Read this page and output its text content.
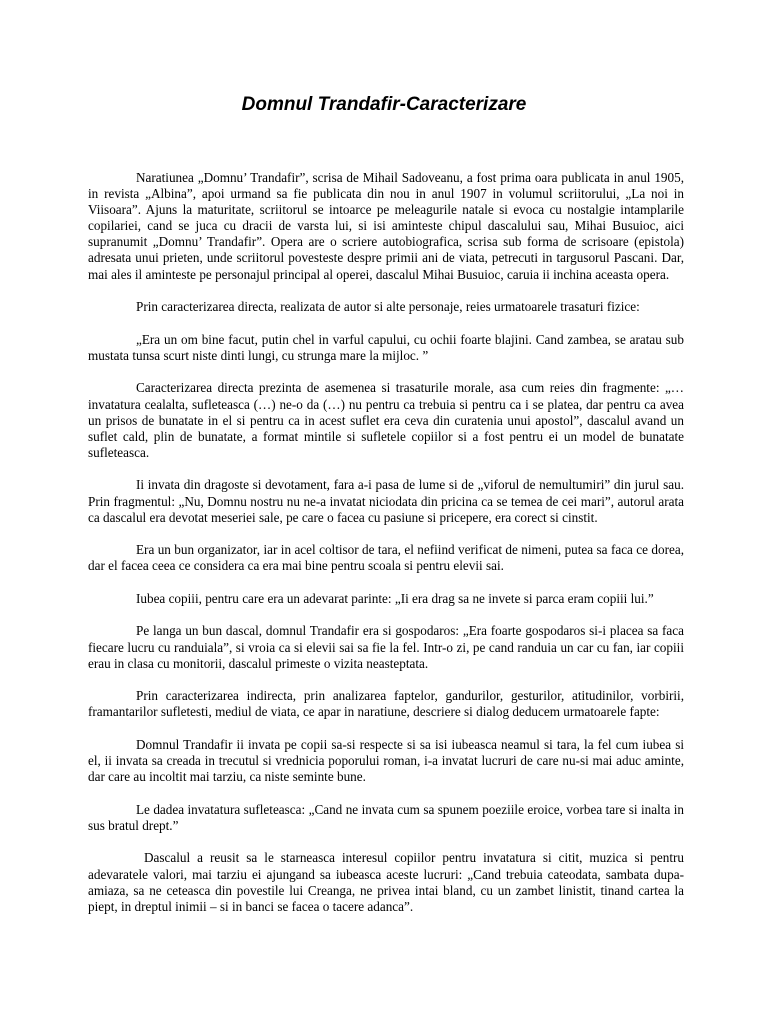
Domnul Trandafir-Caracterizare

Naratiunea „Domnu’ Trandafir”, scrisa de Mihail Sadoveanu, a fost prima oara publicata in anul 1905, in revista „Albina”, apoi urmand sa fie publicata din nou in anul 1907 in volumul scriitorului, „La noi in Viisoara”. Ajuns la maturitate, scriitorul se intoarce pe meleagurile natale si evoca cu nostalgie intamplarile copilariei, cand se juca cu dracii de varsta lui, si isi aminteste chipul dascalului sau, Mihai Busuioc, aici supranumit „Domnu’ Trandafir”. Opera are o scriere autobiografica, scrisa sub forma de scrisoare (epistola) adresata unui prieten, unde scriitorul povesteste despre primii ani de viata, petrecuti in targusorul Pascani. Dar, mai ales il aminteste pe personajul principal al operei, dascalul Mihai Busuioc, caruia ii inchina aceasta opera.

Prin caracterizarea directa, realizata de autor si alte personaje, reies urmatoarele trasaturi fizice:

„Era un om bine facut, putin chel in varful capului, cu ochii foarte blajini. Cand zambea, se aratau sub mustata tunsa scurt niste dinti lungi, cu strunga mare la mijloc. ”

Caracterizarea directa prezinta de asemenea si trasaturile morale, asa cum reies din fragmente: „…invatatura cealalta, sufleteasca (…) ne-o da (…) nu pentru ca trebuia si pentru ca i se platea, dar pentru ca avea un prisos de bunatate in el si pentru ca in acest suflet era ceva din curatenia unui apostol”, dascalul avand un suflet cald, plin de bunatate, a format mintile si sufletele copiilor si a fost pentru ei un model de bunatate sufleteasca.

Ii invata din dragoste si devotament, fara a-i pasa de lume si de „viforul de nemultumiri” din jurul sau. Prin fragmentul: „Nu, Domnu nostru nu ne-a invatat niciodata din pricina ca se temea de cei mari”, autorul arata ca dascalul era devotat meseriei sale, pe care o facea cu pasiune si pricepere, era corect si cinstit.

Era un bun organizator, iar in acel coltisor de tara, el nefiind verificat de nimeni, putea sa faca ce dorea, dar el facea ceea ce considera ca era mai bine pentru scoala si pentru elevii sai.

Iubea copiii, pentru care era un adevarat parinte: „Ii era drag sa ne invete si parca eram copiii lui.”

Pe langa un bun dascal, domnul Trandafir era si gospodaros: „Era foarte gospodaros si-i placea sa faca fiecare lucru cu randuiala”, si vroia ca si elevii sai sa fie la fel. Intr-o zi, pe cand randuia un car cu fan, iar copiii erau in clasa cu monitorii, dascalul primeste o vizita neasteptata.

Prin caracterizarea indirecta, prin analizarea faptelor, gandurilor, gesturilor, atitudinilor, vorbirii, framantarilor sufletesti, mediul de viata, ce apar in naratiune, descriere si dialog deducem urmatoarele fapte:

Domnul Trandafir ii invata pe copii sa-si respecte si sa isi iubeasca neamul si tara, la fel cum iubea si el, ii invata sa creada in trecutul si vrednicia poporului roman, i-a invatat lucruri de care nu-si mai aduc aminte, dar care au incoltit mai tarziu, ca niste seminte bune.

Le dadea invatatura sufleteasca: „Cand ne invata cum sa spunem poeziile eroice, vorbea tare si inalta in sus bratul drept.”

Dascalul a reusit sa le starneasca interesul copiilor pentru invatatura si citit, muzica si pentru adevaratele valori, mai tarziu ei ajungand sa iubeasca aceste lucruri: „Cand trebuia cateodata, sambata dupa-amiaza, sa ne ceteasca din povestile lui Creanga, ne privea intai bland, cu un zambet linistit, tinand cartea la piept, in dreptul inimii – si in banci se facea o tacere adanca”.
